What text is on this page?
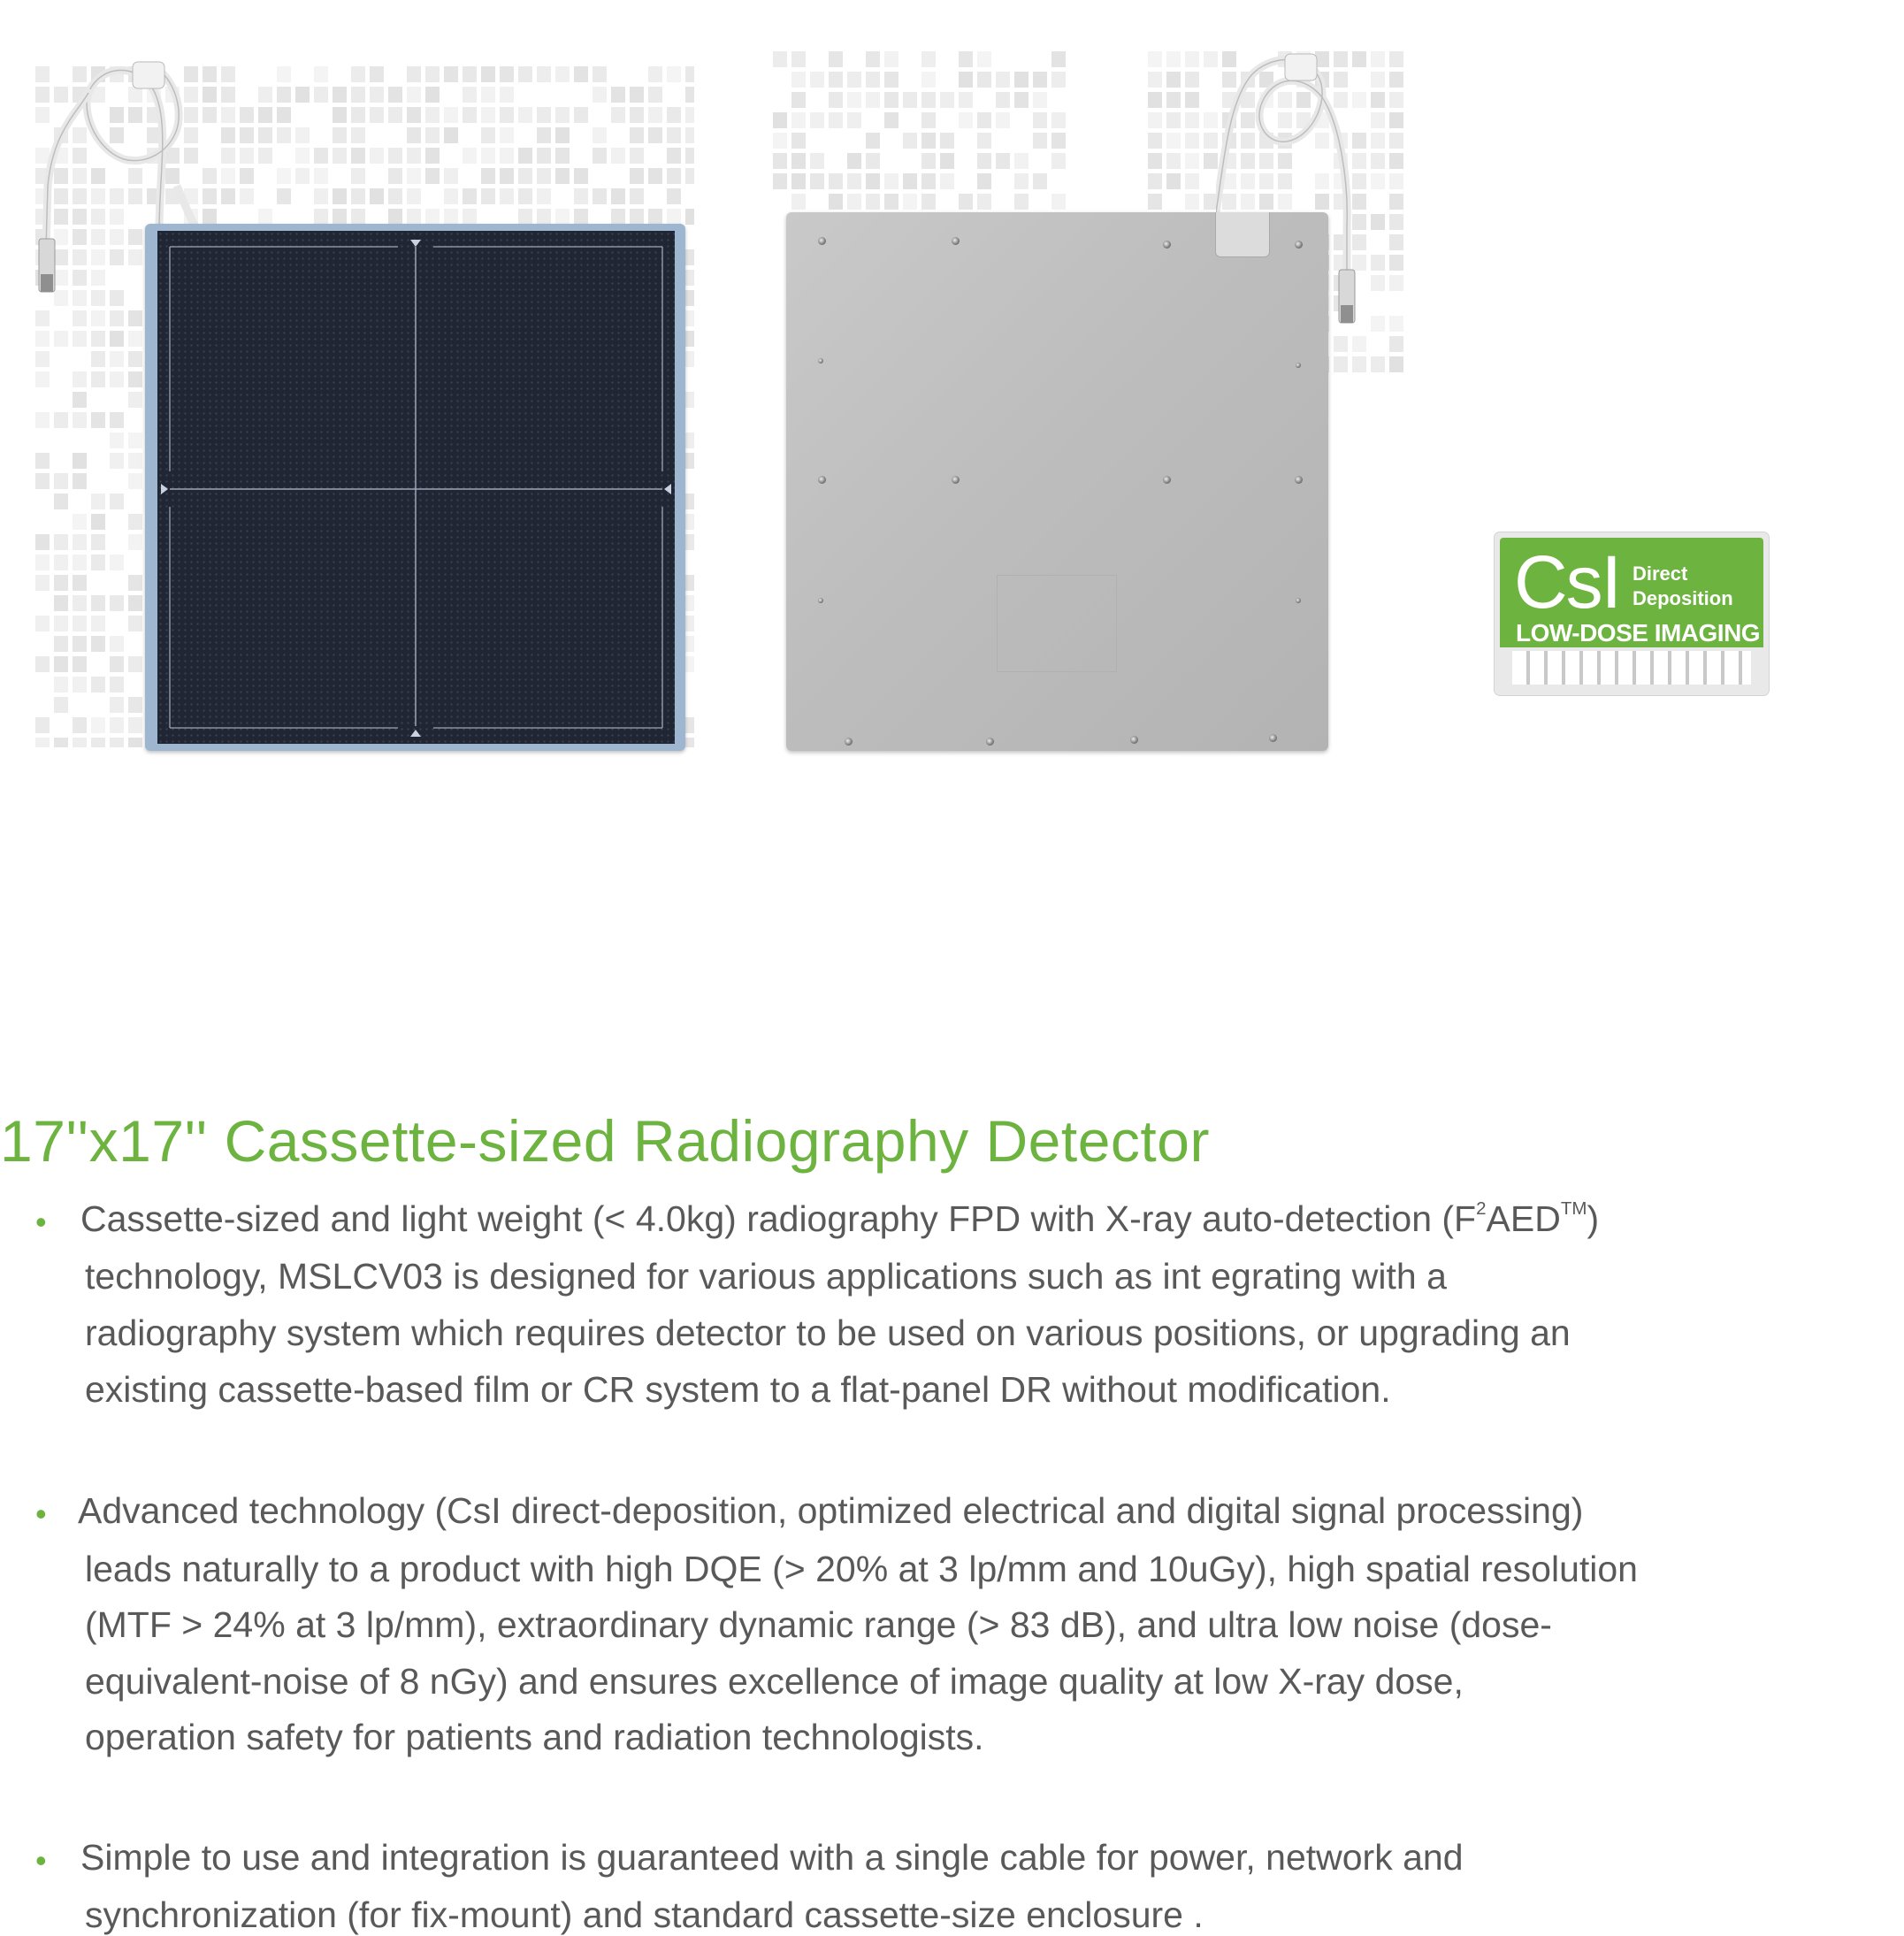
CsI Direct
Deposition
LOW-DOSE IMAGING
17''x17'' Cassette-sized Radiography Detector
• Cassette-sized and light weight (< 4.0kg) radiography FPD with X-ray auto-detection $(F^2AED™)$
technology, MSLCV03 is designed for various applications such as int egrating with a
radiography system which requires detector to be used on various positions, or upgrading an
existing cassette-based film or CR system to a flat-panel DR without modification.
• Advanced technology (CsI direct-deposition, optimized electrical and digital signal processing)
leads naturally to a product with high DQE (> 20% at 3 lp/mm and 10uGy), high spatial resolution
(MTF > 24% at 3 lp/mm), extraordinary dynamic range (> 83 dB), and ultra low noise (dose-
equivalent-noise of 8 nGy) and ensures excellence of image quality at low X-ray dose,
operation safety for patients and radiation technologists.
• Simple to use and integration is guaranteed with a single cable for power, network and
synchronization (for fix-mount) and standard cassette-size enclosure .
